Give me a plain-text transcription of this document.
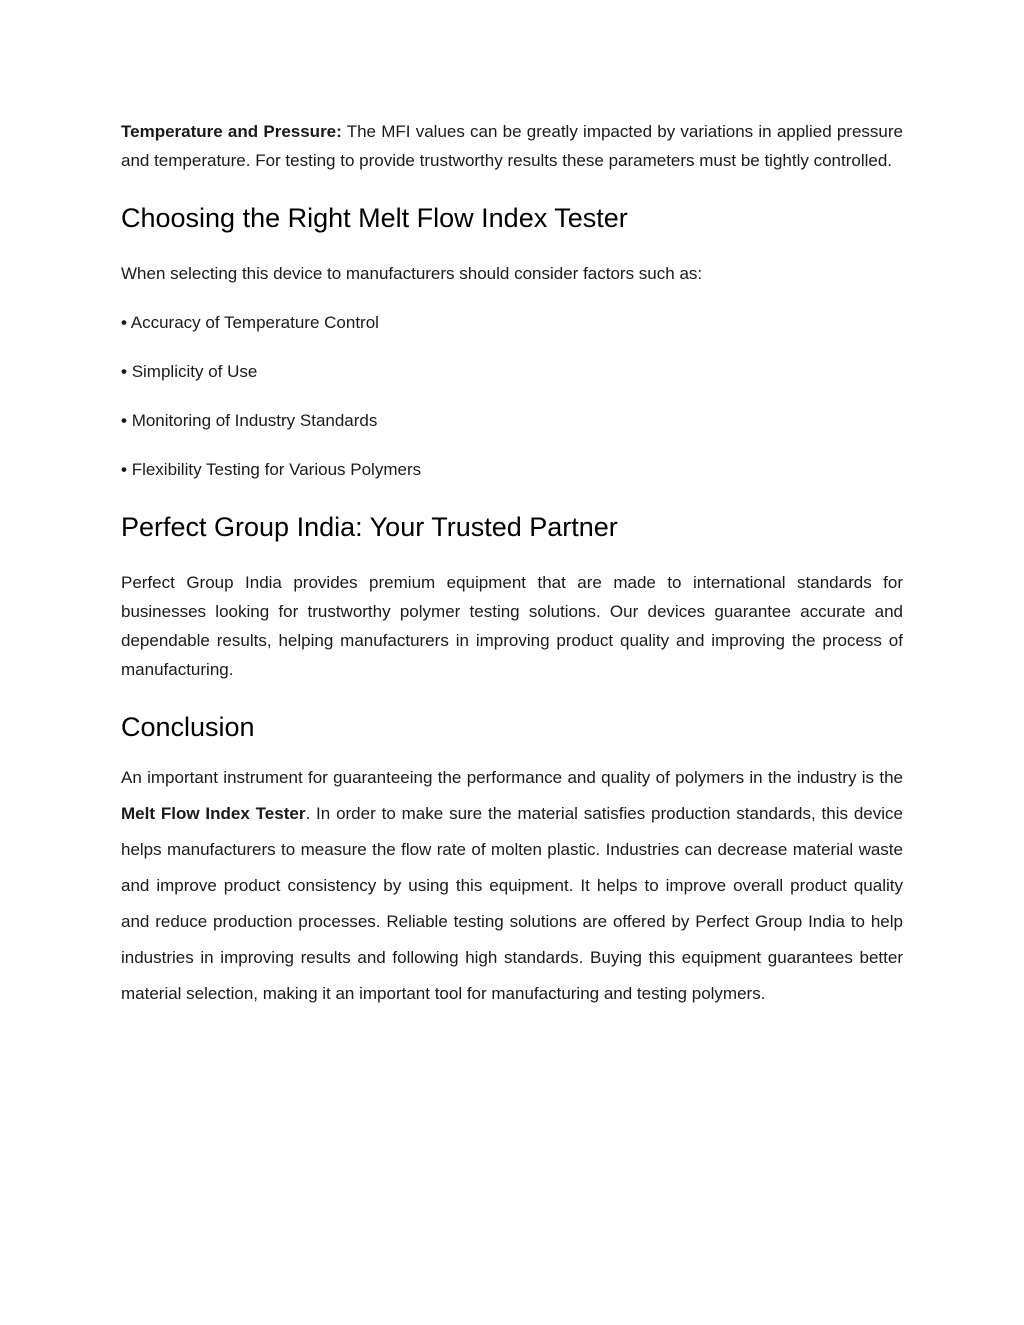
Temperature and Pressure: The MFI values can be greatly impacted by variations in applied pressure and temperature. For testing to provide trustworthy results these parameters must be tightly controlled.

Choosing the Right Melt Flow Index Tester

When selecting this device to manufacturers should consider factors such as:

• Accuracy of Temperature Control
• Simplicity of Use
• Monitoring of Industry Standards
• Flexibility Testing for Various Polymers
Perfect Group India: Your Trusted Partner

Perfect Group India provides premium equipment that are made to international standards for businesses looking for trustworthy polymer testing solutions. Our devices guarantee accurate and dependable results, helping manufacturers in improving product quality and improving the process of manufacturing.

Conclusion

An important instrument for guaranteeing the performance and quality of polymers in the industry is the Melt Flow Index Tester. In order to make sure the material satisfies production standards, this device helps manufacturers to measure the flow rate of molten plastic. Industries can decrease material waste and improve product consistency by using this equipment. It helps to improve overall product quality and reduce production processes. Reliable testing solutions are offered by Perfect Group India to help industries in improving results and following high standards. Buying this equipment guarantees better material selection, making it an important tool for manufacturing and testing polymers.
